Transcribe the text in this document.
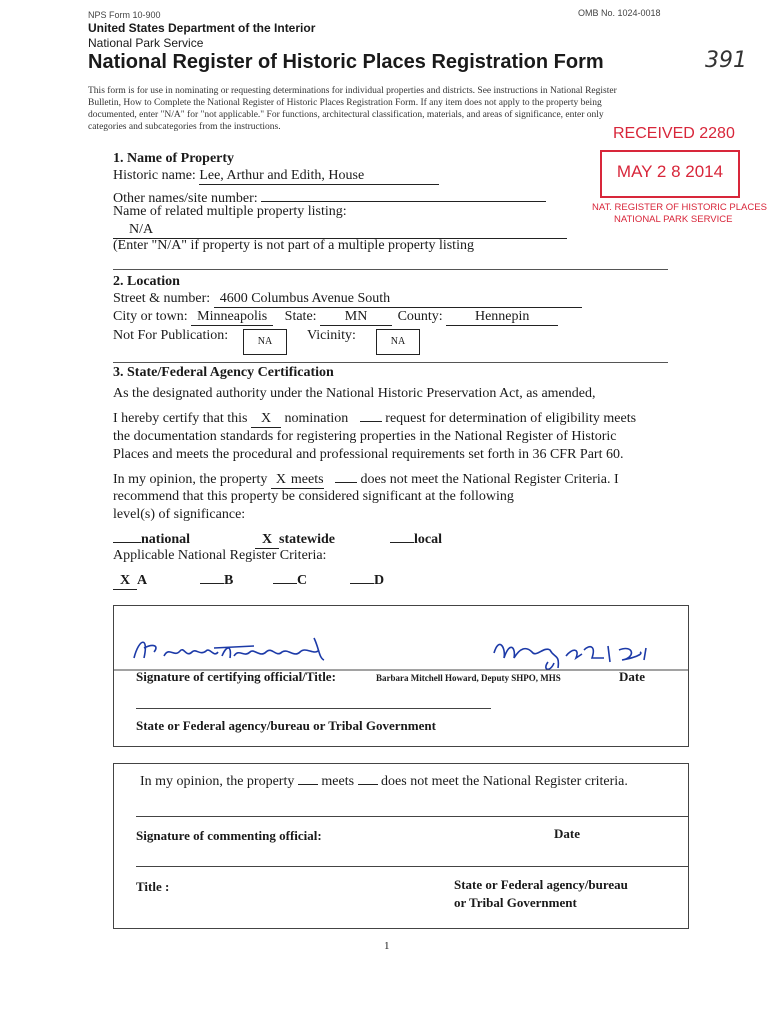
NPS Form 10-900	OMB No. 1024-0018
United States Department of the Interior
National Park Service
National Register of Historic Places Registration Form	391
This form is for use in nominating or requesting determinations for individual properties and districts. See instructions in National Register
Bulletin, How to Complete the National Register of Historic Places Registration Form. If any item does not apply to the property being
documented, enter "N/A" for "not applicable." For functions, architectural classification, materials, and areas of significance, enter only
categories and subcategories from the instructions.	RECEIVED 2280
MAY 2 8 2014
NAT. REGISTER OF HISTORIC PLACES
NATIONAL PARK SERVICE
1. Name of Property
Historic name: Lee, Arthur and Edith, House
Other names/site number:
Name of related multiple property listing:
N/A
(Enter "N/A" if property is not part of a multiple property listing
2. Location
Street & number: 4600 Columbus Avenue South
City or town: Minneapolis State: MN County: Hennepin
Not For Publication:	NA	Vicinity:	NA
3. State/Federal Agency Certification
As the designated authority under the National Historic Preservation Act, as amended,
I hereby certify that this X nomination	request for determination of eligibility meets
the documentation standards for registering properties in the National Register of Historic
Places and meets the procedural and professional requirements set forth in 36 CFR Part 60.
In my opinion, the property X meets	does not meet the National Register Criteria. I
recommend that this property be considered significant at the following
level(s) of significance:
national	X statewide	local
Applicable National Register Criteria:
X A	B	C	D
Signature of certifying official/Title:	Barbara Mitchell Howard, Deputy SHPO, MHS	Date
State or Federal agency/bureau or Tribal Government
In my opinion, the property meets does not meet the National Register criteria.
Signature of commenting official:	Date
Title :	State or Federal agency/bureau
or Tribal Government
1
